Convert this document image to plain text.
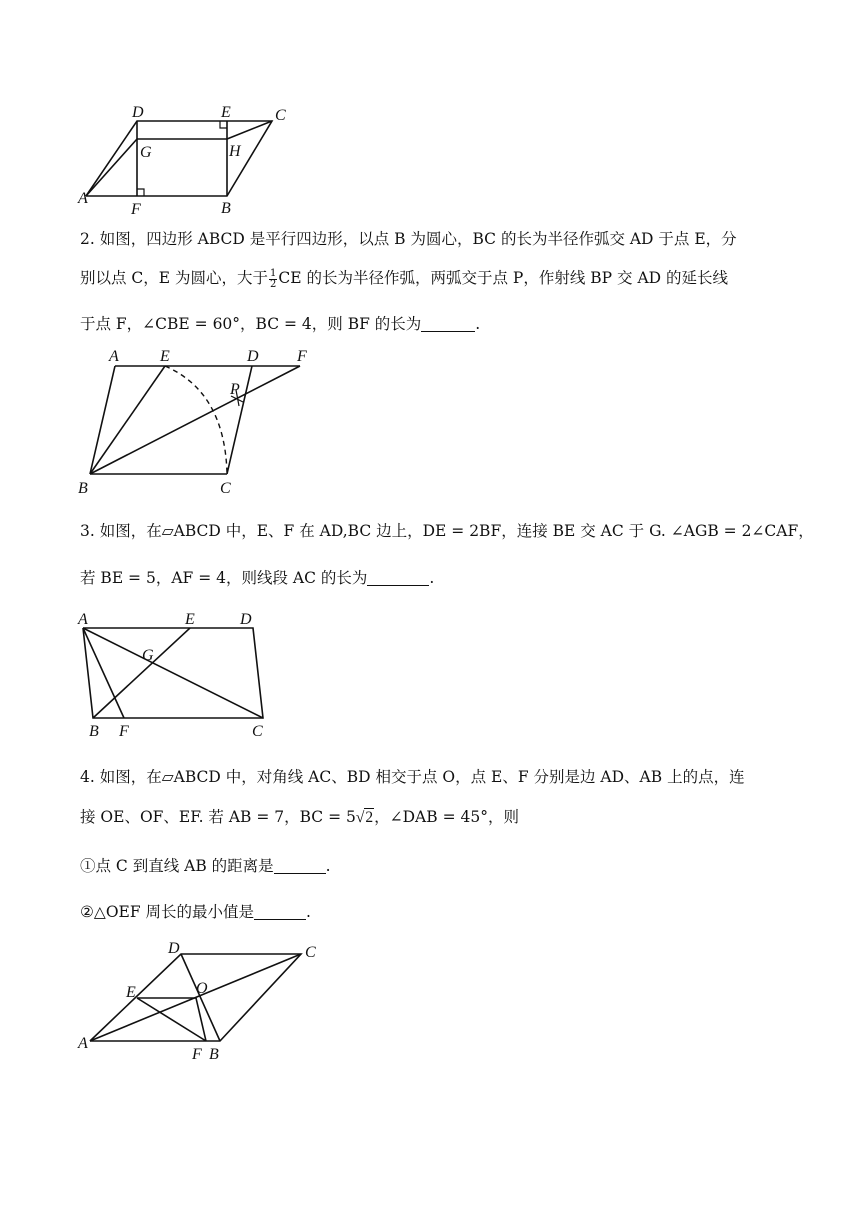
D	E	C
G	H
A
F	B
2. 如图，四边形 ABCD 是平行四边形，以点 B 为圆心，BC 的长为半径作弧交 AD 于点 E，分
别以点 C，E 为圆心，大于 $\frac{1}{2}$ CE 的长为半径作弧，两弧交于点 P，作射线 BP 交 AD 的延长线
于点 F，∠CBE = 60°，BC = 4，则 BF 的长为	.
A	E	D F
P
B	C
3. 如图，在▱ABCD 中，E、F 在 AD,BC 边上，DE = 2BF，连接 BE 交 AC 于 G. ∠AGB = 2∠CAF，
若 BE = 5，AF = 4，则线段 AC 的长为	.
A	E	D
G
B F	C
4. 如图，在▱ABCD 中，对角线 AC、BD 相交于点 O，点 E、F 分别是边 AD、AB 上的点，连
接 OE、OF、EF. 若 AB = 7，BC = 5√2，∠DAB = 45°，则
①点 C 到直线 AB 的距离是	.
②△OEF 周长的最小值是	.
D	C
E	O
A
F B
